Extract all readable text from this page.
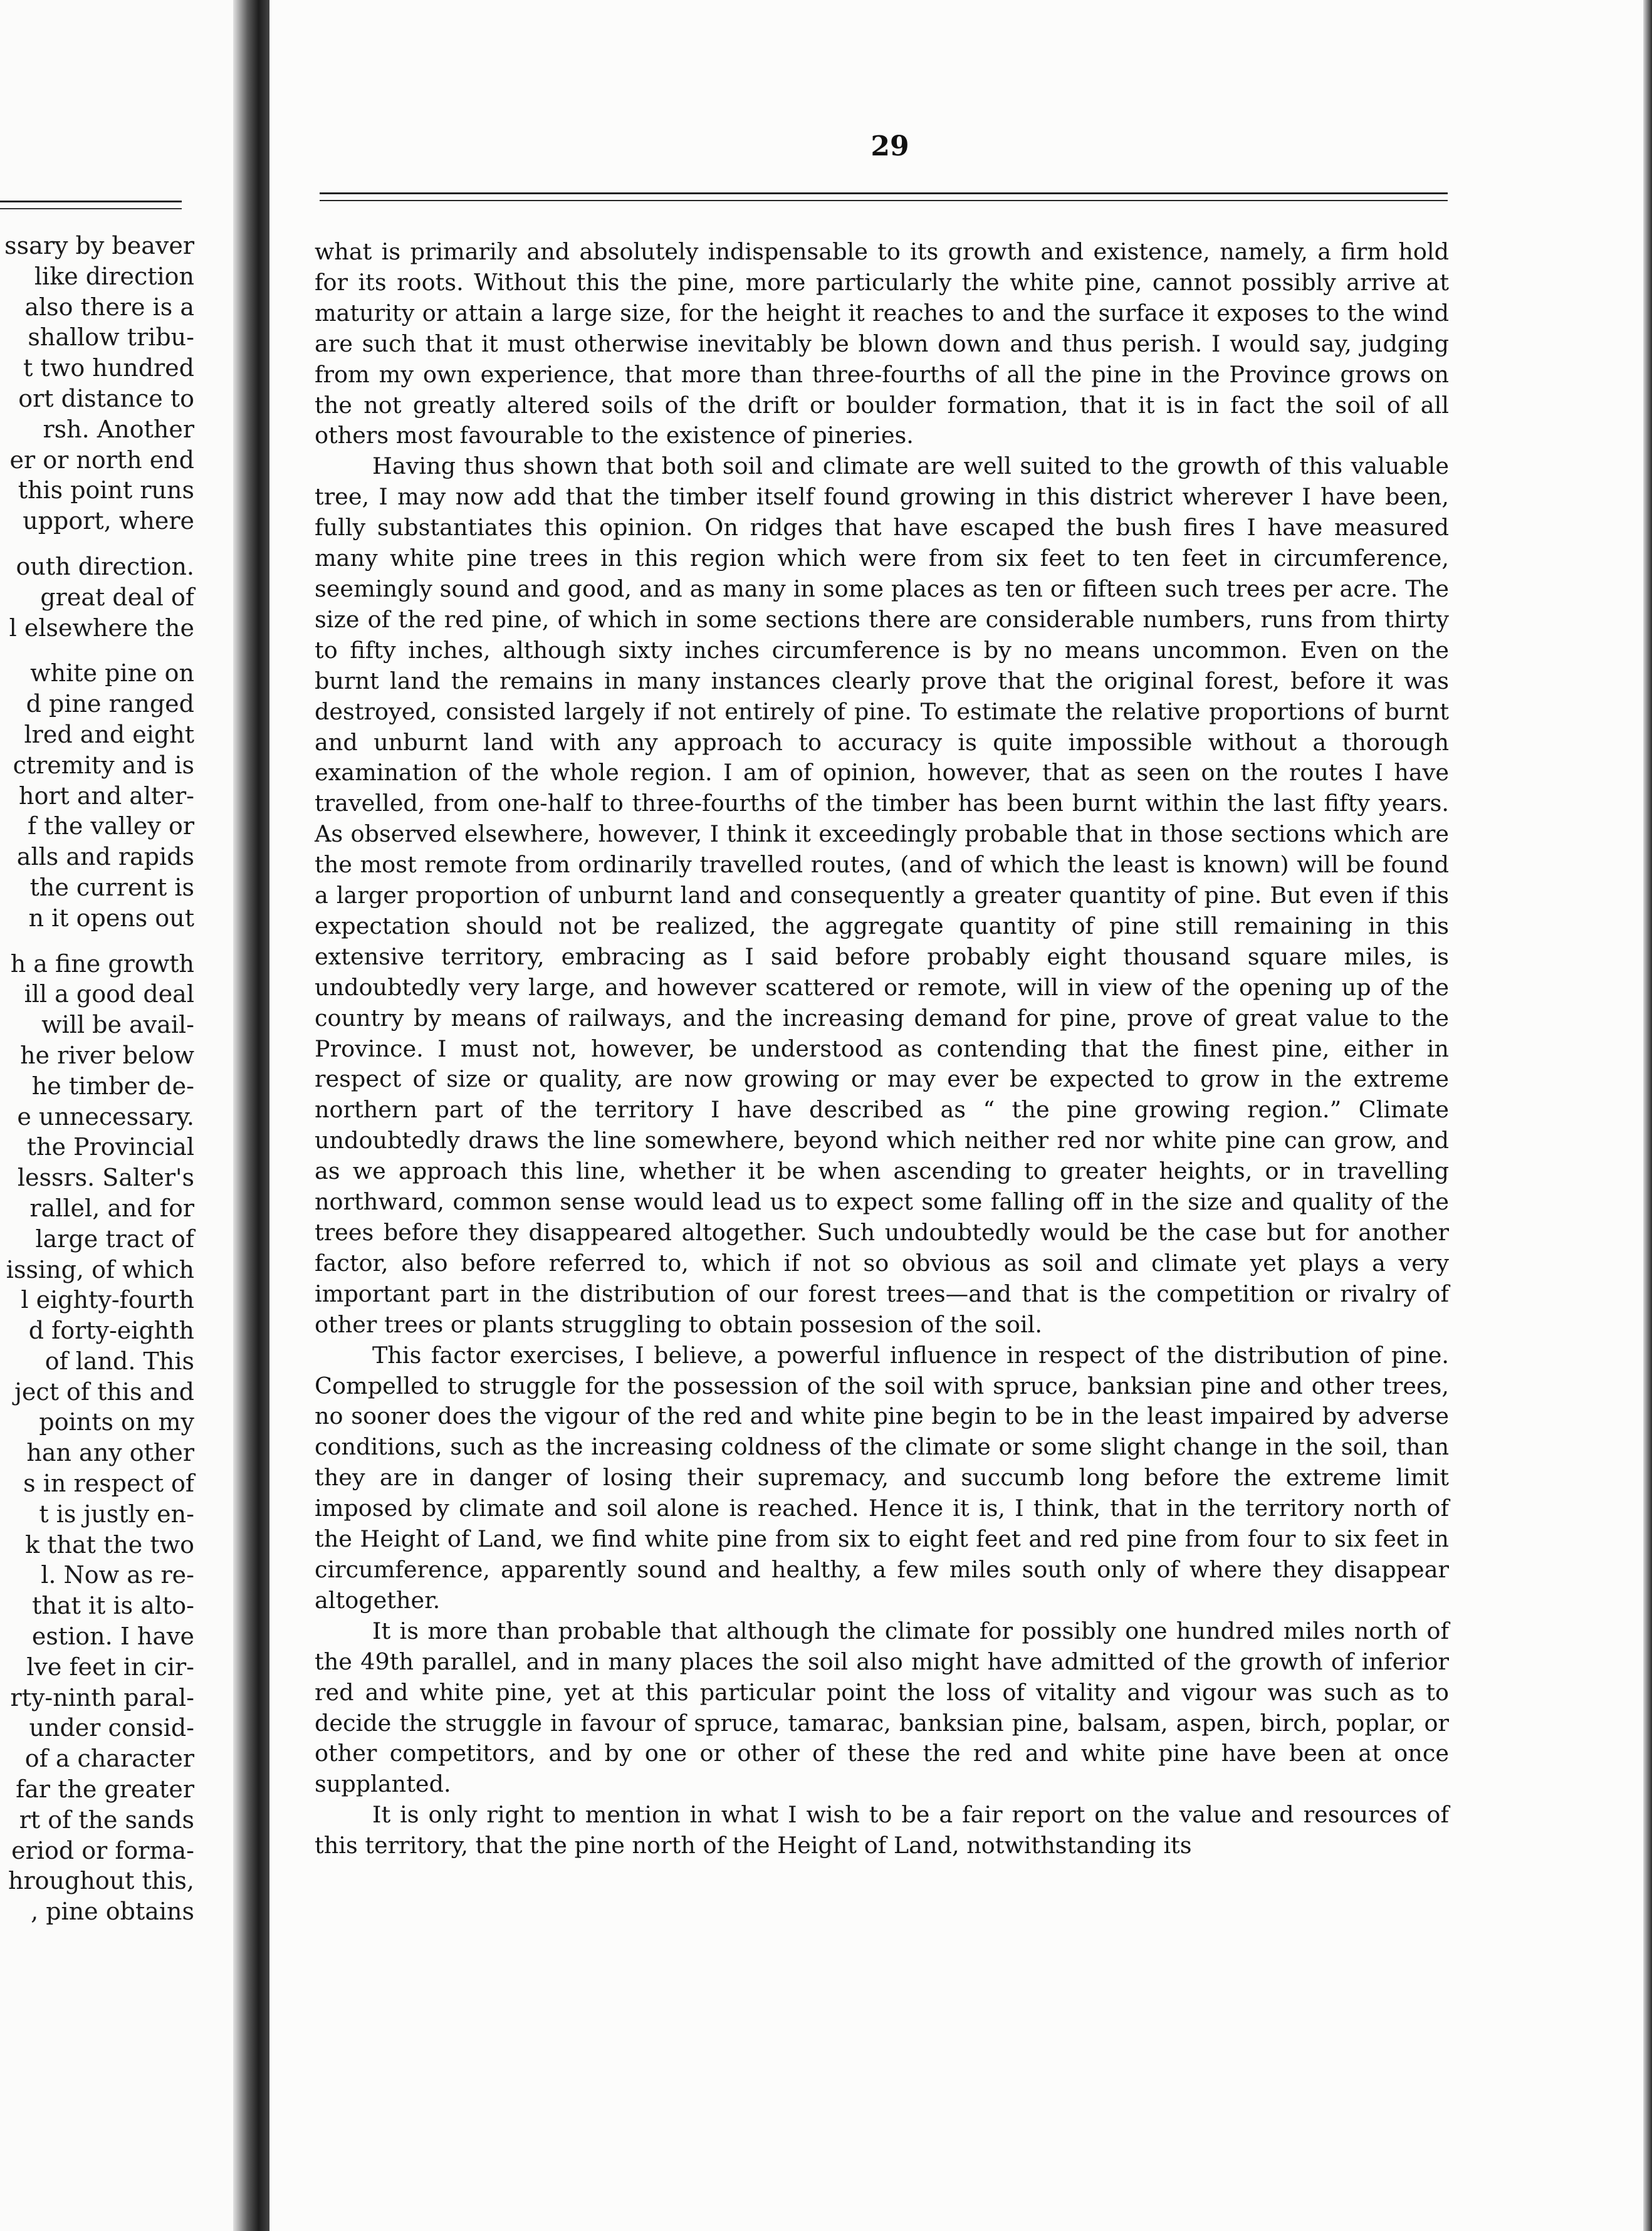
ssary by beaver
like direction
also there is a
shallow tribu-
t two hundred
ort distance to
rsh. Another
er or north end
this point runs
upport, where
outh direction.
great deal of
l elsewhere the
white pine on
d pine ranged
lred and eight
ctremity and is
hort and alter-
f the valley or
alls and rapids
the current is
n it opens out
h a fine growth
ill a good deal
will be avail-
he river below
he timber de-
e unnecessary.
the Provincial
lessrs. Salter's
rallel, and for
large tract of
issing, of which
l eighty-fourth
d forty-eighth
of land. This
ject of this and
points on my
han any other
s in respect of
t is justly en-
k that the two
l. Now as re-
that it is alto-
estion. I have
lve feet in cir-
rty-ninth paral-
under consid-
of a character
far the greater
rt of the sands
eriod or forma-
hroughout this,
, pine obtains
29

what is primarily and absolutely indispensable to its growth and existence, namely, a firm hold for its roots. Without this the pine, more particularly the white pine, cannot possibly arrive at maturity or attain a large size, for the height it reaches to and the surface it exposes to the wind are such that it must otherwise inevitably be blown down and thus perish. I would say, judging from my own experience, that more than three-fourths of all the pine in the Province grows on the not greatly altered soils of the drift or boulder formation, that it is in fact the soil of all others most favourable to the existence of pineries.

Having thus shown that both soil and climate are well suited to the growth of this valuable tree, I may now add that the timber itself found growing in this district wherever I have been, fully substantiates this opinion. On ridges that have escaped the bush fires I have measured many white pine trees in this region which were from six feet to ten feet in circumference, seemingly sound and good, and as many in some places as ten or fifteen such trees per acre. The size of the red pine, of which in some sections there are considerable numbers, runs from thirty to fifty inches, although sixty inches circumference is by no means uncommon. Even on the burnt land the remains in many instances clearly prove that the original forest, before it was destroyed, consisted largely if not entirely of pine. To estimate the relative proportions of burnt and unburnt land with any approach to accuracy is quite impossible without a thorough examination of the whole region. I am of opinion, however, that as seen on the routes I have travelled, from one-half to three-fourths of the timber has been burnt within the last fifty years. As observed elsewhere, however, I think it exceedingly probable that in those sections which are the most remote from ordinarily travelled routes, (and of which the least is known) will be found a larger proportion of unburnt land and consequently a greater quantity of pine. But even if this expectation should not be realized, the aggregate quantity of pine still remaining in this extensive territory, embracing as I said before probably eight thousand square miles, is undoubtedly very large, and however scattered or remote, will in view of the opening up of the country by means of railways, and the increasing demand for pine, prove of great value to the Province. I must not, however, be understood as contending that the finest pine, either in respect of size or quality, are now growing or may ever be expected to grow in the extreme northern part of the territory I have described as “ the pine growing region.” Climate undoubtedly draws the line somewhere, beyond which neither red nor white pine can grow, and as we approach this line, whether it be when ascending to greater heights, or in travelling northward, common sense would lead us to expect some falling off in the size and quality of the trees before they disappeared altogether. Such undoubtedly would be the case but for another factor, also before referred to, which if not so obvious as soil and climate yet plays a very important part in the distribution of our forest trees—and that is the competition or rivalry of other trees or plants struggling to obtain possesion of the soil.

This factor exercises, I believe, a powerful influence in respect of the distribution of pine. Compelled to struggle for the possession of the soil with spruce, banksian pine and other trees, no sooner does the vigour of the red and white pine begin to be in the least impaired by adverse conditions, such as the increasing coldness of the climate or some slight change in the soil, than they are in danger of losing their supremacy, and succumb long before the extreme limit imposed by climate and soil alone is reached. Hence it is, I think, that in the territory north of the Height of Land, we find white pine from six to eight feet and red pine from four to six feet in circumference, apparently sound and healthy, a few miles south only of where they disappear altogether.

It is more than probable that although the climate for possibly one hundred miles north of the 49th parallel, and in many places the soil also might have admitted of the growth of inferior red and white pine, yet at this particular point the loss of vitality and vigour was such as to decide the struggle in favour of spruce, tamarac, banksian pine, balsam, aspen, birch, poplar, or other competitors, and by one or other of these the red and white pine have been at once supplanted.

It is only right to mention in what I wish to be a fair report on the value and resources of this territory, that the pine north of the Height of Land, notwithstanding its
